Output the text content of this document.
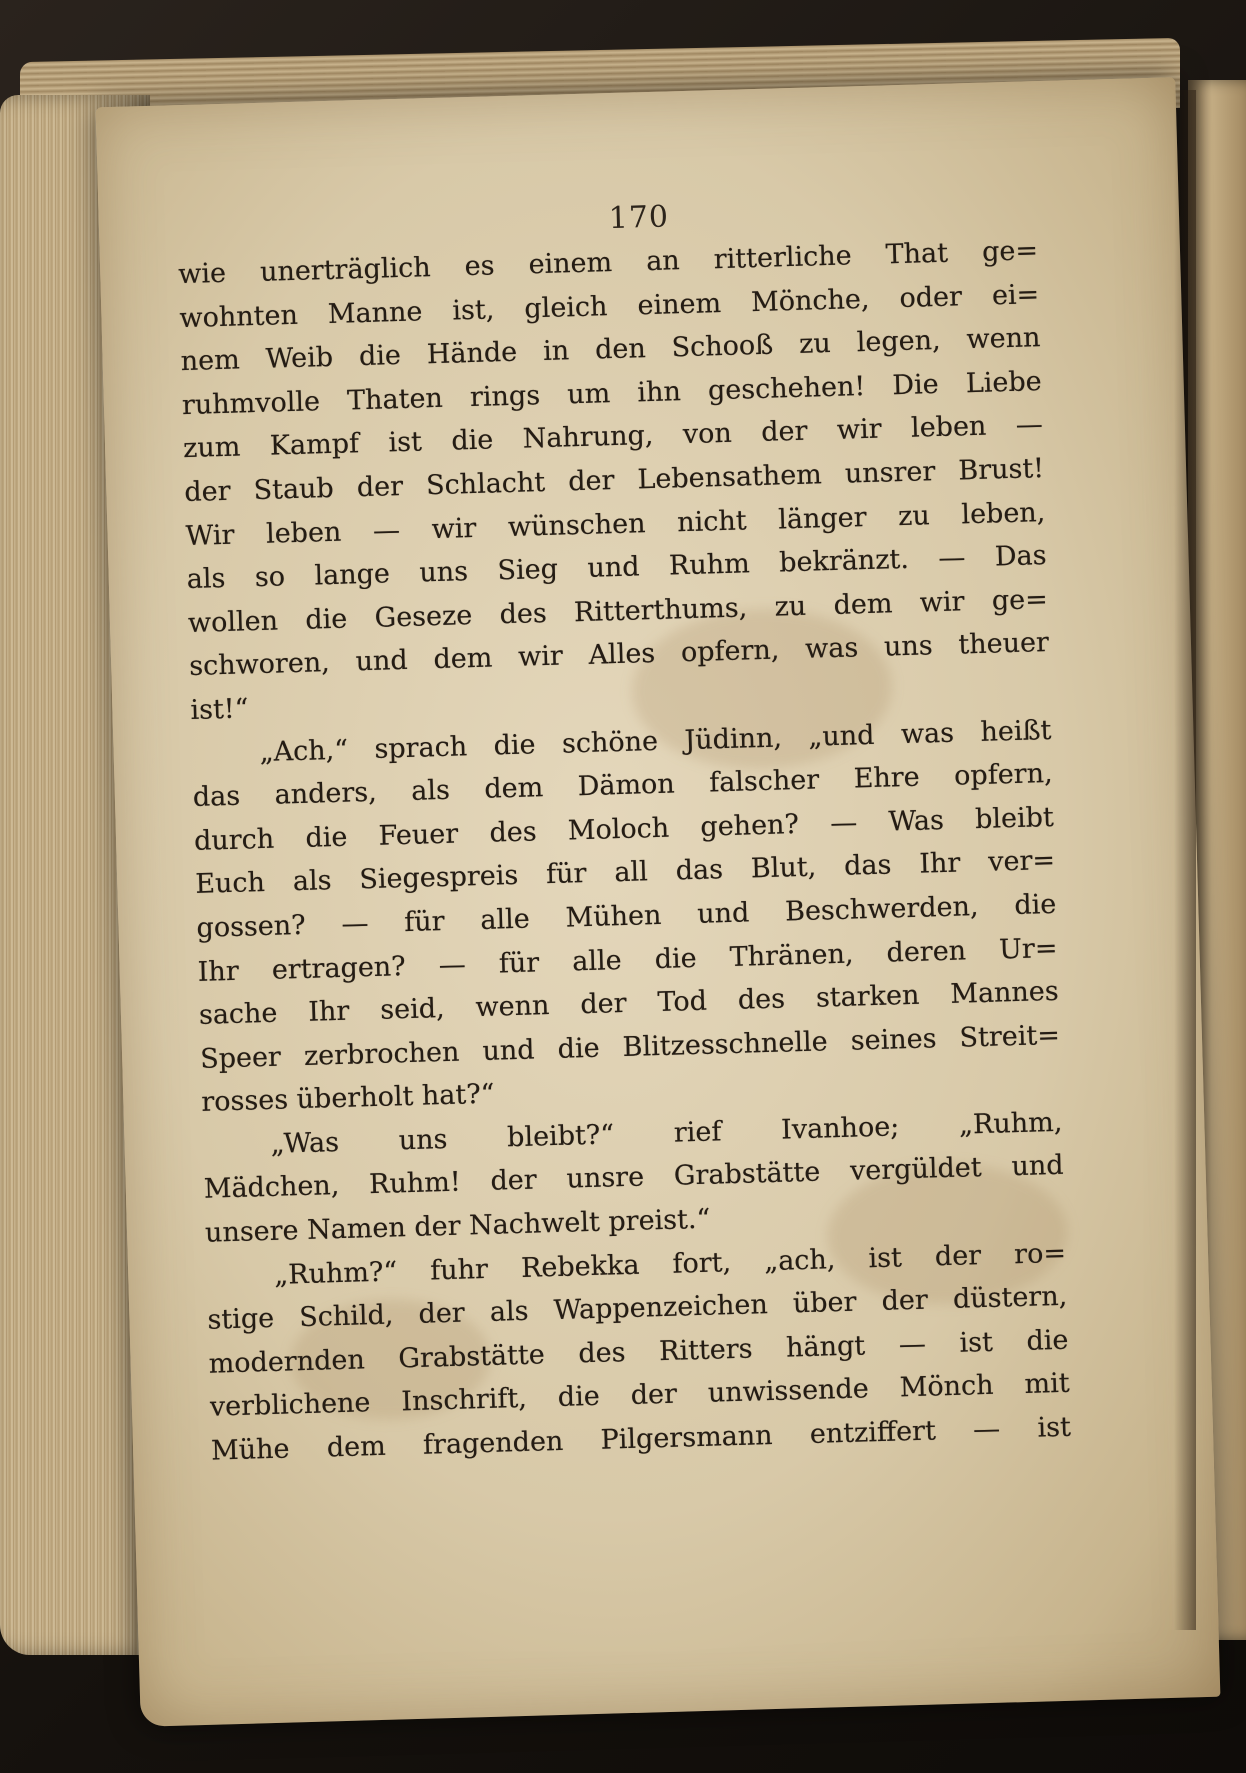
170
wie unerträglich es einem an ritterliche That ge=
wohnten Manne ist, gleich einem Mönche, oder ei=
nem Weib die Hände in den Schooß zu legen, wenn
ruhmvolle Thaten rings um ihn geschehen! Die Liebe
zum Kampf ist die Nahrung, von der wir leben —
der Staub der Schlacht der Lebensathem unsrer Brust!
Wir leben — wir wünschen nicht länger zu leben,
als so lange uns Sieg und Ruhm bekränzt. — Das
wollen die Geseze des Ritterthums, zu dem wir ge=
schworen, und dem wir Alles opfern, was uns theuer
ist!“
„Ach,“ sprach die schöne Jüdinn, „und was heißt
das anders, als dem Dämon falscher Ehre opfern,
durch die Feuer des Moloch gehen? — Was bleibt
Euch als Siegespreis für all das Blut, das Ihr ver=
gossen? — für alle Mühen und Beschwerden, die
Ihr ertragen? — für alle die Thränen, deren Ur=
sache Ihr seid, wenn der Tod des starken Mannes
Speer zerbrochen und die Blitzesschnelle seines Streit=
rosses überholt hat?“
„Was uns bleibt?“ rief Ivanhoe; „Ruhm,
Mädchen, Ruhm! der unsre Grabstätte vergüldet und
unsere Namen der Nachwelt preist.“
„Ruhm?“ fuhr Rebekka fort, „ach, ist der ro=
stige Schild, der als Wappenzeichen über der düstern,
modernden Grabstätte des Ritters hängt — ist die
verblichene Inschrift, die der unwissende Mönch mit
Mühe dem fragenden Pilgersmann entziffert — ist
